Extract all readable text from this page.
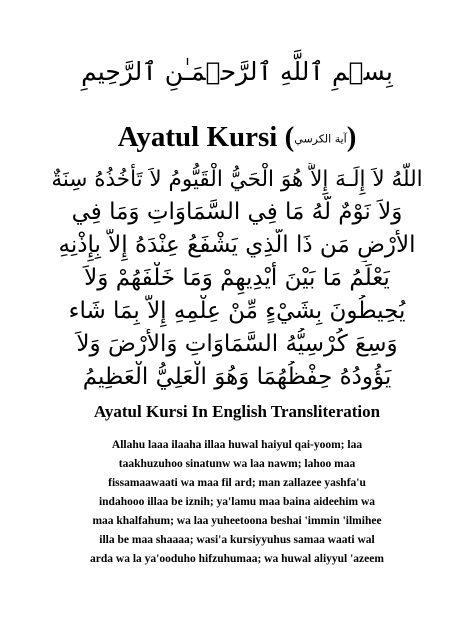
بِسۡمِ ٱللَّهِ ٱلرَّحۡمَـٰنِ ٱلرَّحِيمِ
Ayatul Kursi (آية الكرسي)
اللَّهُ لاَ إِلَـهَ إِلاَّ هُوَ الْحَيُّ الْقَيُّومُ لاَ تَأْخُذُهُ سِنَةٌ
وَلاَ نَوْمٌ لَّهُ مَا فِي السَّمَاوَاتِ وَمَا فِي
الأَرْضِ مَن ذَا الَّذِي يَشْفَعُ عِنْدَهُ إِلاَّ بِإِذْنِهِ
يَعْلَمُ مَا بَيْنَ أَيْدِيهِمْ وَمَا خَلْفَهُمْ وَلاَ
يُحِيطُونَ بِشَيْءٍ مِّنْ عِلْمِهِ إِلاَّ بِمَا شَاء
وَسِعَ كُرْسِيُّهُ السَّمَاوَاتِ وَالأَرْضَ وَلاَ
يَؤُودُهُ حِفْظُهُمَا وَهُوَ الْعَلِيُّ الْعَظِيمُ
Ayatul Kursi In English Transliteration
Allahu laaa ilaaha illaa huwal haiyul qai-yoom; laa
taakhuzuhoo sinatunw wa laa nawm; lahoo maa
fissamaawaati wa maa fil ard; man zallazee yashfa'u
indahooo illaa be iznih; ya'lamu maa baina aideehim wa
maa khalfahum; wa laa yuheetoona beshai 'immin 'ilmihee
illa be maa shaaaa; wasi'a kursiyyuhus samaa waati wal
arda wa la ya'ooduho hifzuhumaa; wa huwal aliyyul 'azeem
